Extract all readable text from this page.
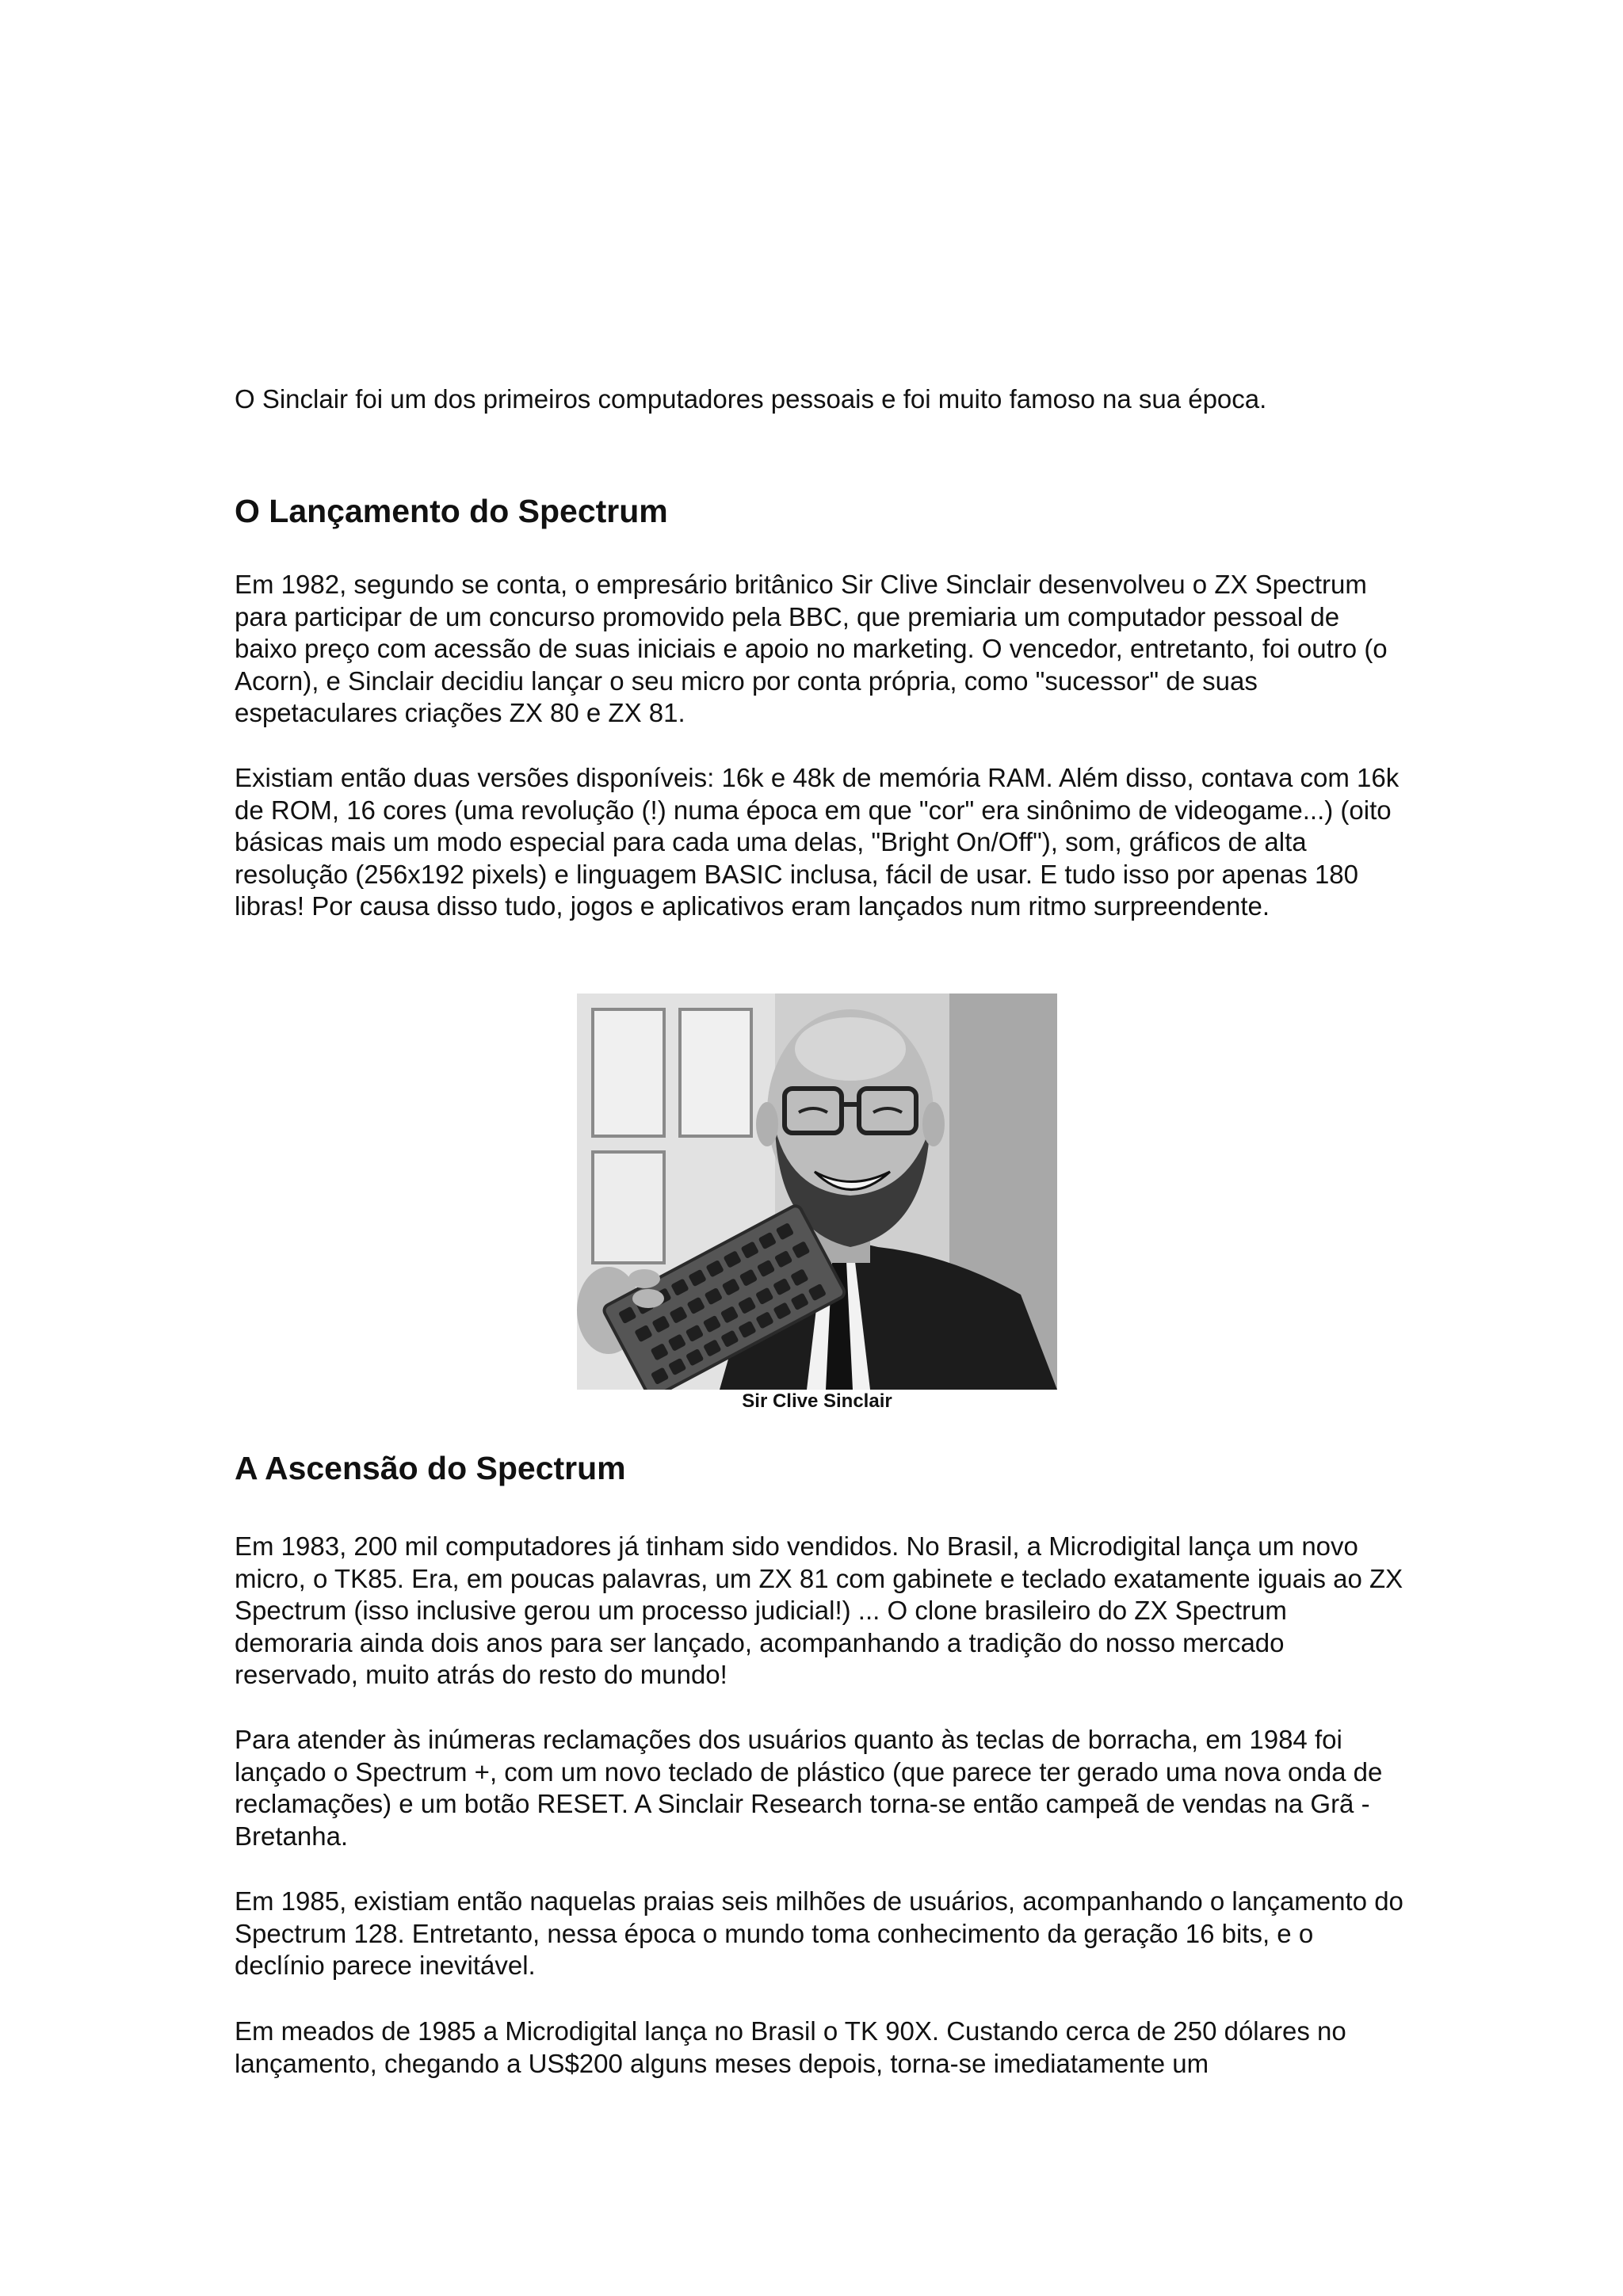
O Sinclair foi um dos primeiros computadores pessoais e foi muito famoso na sua época.

O Lançamento do Spectrum

Em 1982, segundo se conta, o empresário britânico Sir Clive Sinclair desenvolveu o ZX Spectrum para participar de um concurso promovido pela BBC, que premiaria um computador pessoal de baixo preço com acessão de suas iniciais e apoio no marketing. O vencedor, entretanto, foi outro (o Acorn), e Sinclair decidiu lançar o seu micro por conta própria, como "sucessor" de suas espetaculares criações ZX 80 e ZX 81.

Existiam então duas versões disponíveis: 16k e 48k de memória RAM. Além disso, contava com 16k de ROM, 16 cores (uma revolução (!) numa época em que "cor" era sinônimo de videogame...) (oito básicas mais um modo especial para cada uma delas, "Bright On/Off"), som, gráficos de alta resolução (256x192 pixels) e linguagem BASIC inclusa, fácil de usar. E tudo isso por apenas 180 libras! Por causa disso tudo, jogos e aplicativos eram lançados num ritmo surpreendente.

Sir Clive Sinclair

A Ascensão do Spectrum

Em 1983, 200 mil computadores já tinham sido vendidos. No Brasil, a Microdigital lança um novo micro, o TK85. Era, em poucas palavras, um ZX 81 com gabinete e teclado exatamente iguais ao ZX Spectrum (isso inclusive gerou um processo judicial!) ... O clone brasileiro do ZX Spectrum demoraria ainda dois anos para ser lançado, acompanhando a tradição do nosso mercado reservado, muito atrás do resto do mundo!

Para atender às inúmeras reclamações dos usuários quanto às teclas de borracha, em 1984 foi lançado o Spectrum +, com um novo teclado de plástico (que parece ter gerado uma nova onda de reclamações) e um botão RESET. A Sinclair Research torna-se então campeã de vendas na Grã - Bretanha.

Em 1985, existiam então naquelas praias seis milhões de usuários, acompanhando o lançamento do Spectrum 128. Entretanto, nessa época o mundo toma conhecimento da geração 16 bits, e o declínio parece inevitável.

Em meados de 1985 a Microdigital lança no Brasil o TK 90X. Custando cerca de 250 dólares no lançamento, chegando a US$200 alguns meses depois, torna-se imediatamente um
